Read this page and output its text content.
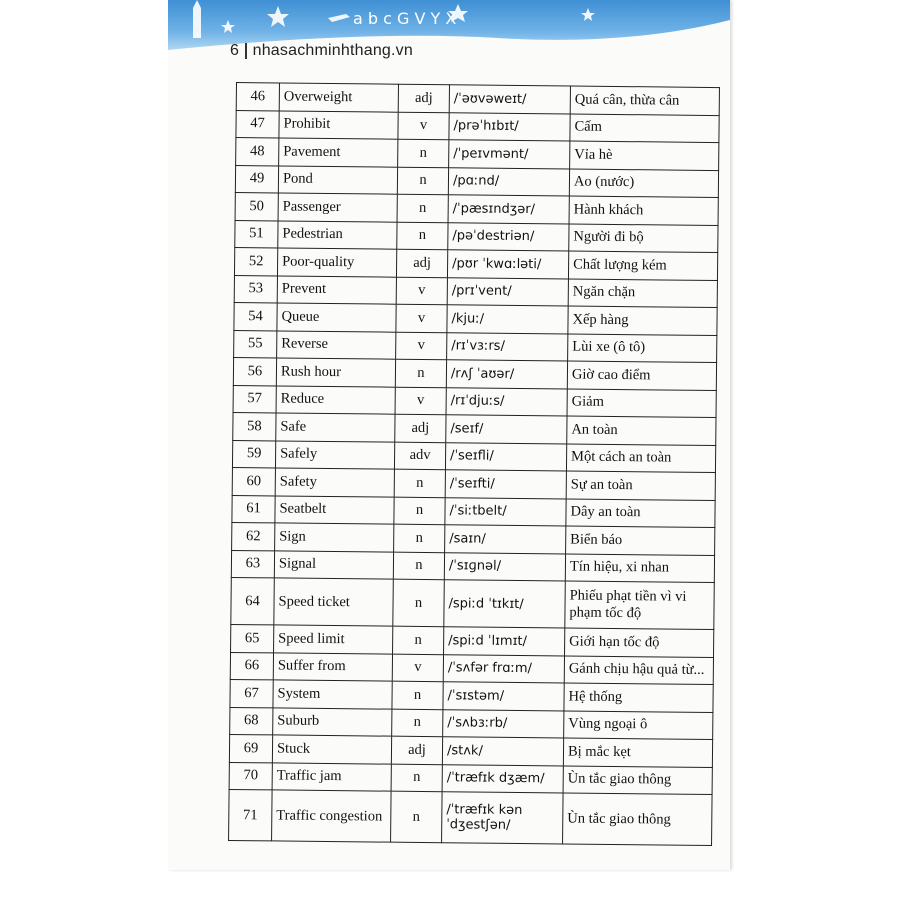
a b c G V Y X
6 nhasachminhthang.vn
46	Overweight	adj	/ˈəʊvəweɪt/	Quá cân, thừa cân
47	Prohibit	v	/prəˈhɪbɪt/	Cấm
48	Pavement	n	/ˈpeɪvmənt/	Vỉa hè
49	Pond	n	/pɑːnd/	Ao (nước)
50	Passenger	n	/ˈpæsɪndʒər/	Hành khách
51	Pedestrian	n	/pəˈdestriən/	Người đi bộ
52	Poor-quality	adj	/pʊr ˈkwɑːləti/	Chất lượng kém
53	Prevent	v	/prɪˈvent/	Ngăn chặn
54	Queue	v	/kjuː/	Xếp hàng
55	Reverse	v	/rɪˈvɜːrs/	Lùi xe (ô tô)
56	Rush hour	n	/rʌʃ ˈaʊər/	Giờ cao điểm
57	Reduce	v	/rɪˈdjuːs/	Giảm
58	Safe	adj	/seɪf/	An toàn
59	Safely	adv	/ˈseɪfli/	Một cách an toàn
60	Safety	n	/ˈseɪfti/	Sự an toàn
61	Seatbelt	n	/ˈsiːtbelt/	Dây an toàn
62	Sign	n	/saɪn/	Biển báo
63	Signal	n	/ˈsɪɡnəl/	Tín hiệu, xi nhan
64	Speed ticket	n	/spiːd ˈtɪkɪt/	Phiếu phạt tiền vì vi phạm tốc độ
65	Speed limit	n	/spiːd ˈlɪmɪt/	Giới hạn tốc độ
66	Suffer from	v	/ˈsʌfər frɑːm/	Gánh chịu hậu quả từ...
67	System	n	/ˈsɪstəm/	Hệ thống
68	Suburb	n	/ˈsʌbɜːrb/	Vùng ngoại ô
69	Stuck	adj	/stʌk/	Bị mắc kẹt
70	Traffic jam	n	/ˈtræfɪk dʒæm/	Ùn tắc giao thông
71	Traffic congestion	n	/ˈtræfɪk kənˈdʒestʃən/	Ùn tắc giao thông
